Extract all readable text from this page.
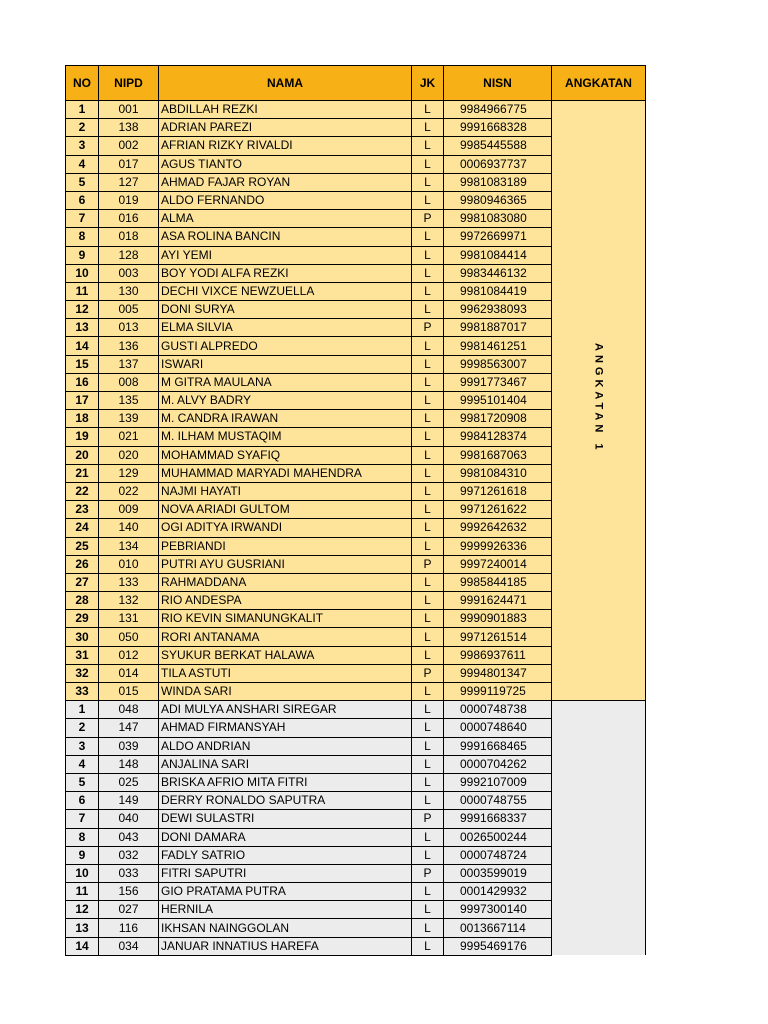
NO	NIPD	NAMA	JK	NISN	ANGKATAN
1	001	ABDILLAH REZKI	L	9984966775	ANGKATAN 1
2	138	ADRIAN PAREZI	L	9991668328	
3	002	AFRIAN RIZKY RIVALDI	L	9985445588	
4	017	AGUS TIANTO	L	0006937737	
5	127	AHMAD FAJAR ROYAN	L	9981083189	
6	019	ALDO FERNANDO	L	9980946365	
7	016	ALMA	P	9981083080	
8	018	ASA ROLINA BANCIN	L	9972669971	
9	128	AYI YEMI	L	9981084414	
10	003	BOY YODI ALFA REZKI	L	9983446132	
11	130	DECHI VIXCE NEWZUELLA	L	9981084419	
12	005	DONI SURYA	L	9962938093	
13	013	ELMA SILVIA	P	9981887017	
14	136	GUSTI ALPREDO	L	9981461251	
15	137	ISWARI	L	9998563007	
16	008	M GITRA MAULANA	L	9991773467	
17	135	M. ALVY BADRY	L	9995101404	
18	139	M. CANDRA IRAWAN	L	9981720908	
19	021	M. ILHAM MUSTAQIM	L	9984128374	
20	020	MOHAMMAD SYAFIQ	L	9981687063	
21	129	MUHAMMAD MARYADI MAHENDRA	L	9981084310	
22	022	NAJMI HAYATI	L	9971261618	
23	009	NOVA ARIADI GULTOM	L	9971261622	
24	140	OGI ADITYA IRWANDI	L	9992642632	
25	134	PEBRIANDI	L	9999926336	
26	010	PUTRI AYU GUSRIANI	P	9997240014	
27	133	RAHMADDANA	L	9985844185	
28	132	RIO ANDESPA	L	9991624471	
29	131	RIO KEVIN SIMANUNGKALIT	L	9990901883	
30	050	RORI ANTANAMA	L	9971261514	
31	012	SYUKUR BERKAT HALAWA	L	9986937611	
32	014	TILA ASTUTI	P	9994801347	
33	015	WINDA SARI	L	9999119725	
1	048	ADI MULYA ANSHARI SIREGAR	L	0000748738	
2	147	AHMAD FIRMANSYAH	L	0000748640	
3	039	ALDO ANDRIAN	L	9991668465	
4	148	ANJALINA SARI	L	0000704262	
5	025	BRISKA AFRIO MITA FITRI	L	9992107009	
6	149	DERRY RONALDO SAPUTRA	L	0000748755	
7	040	DEWI SULASTRI	P	9991668337	
8	043	DONI DAMARA	L	0026500244	
9	032	FADLY SATRIO	L	0000748724	
10	033	FITRI SAPUTRI	P	0003599019	
11	156	GIO PRATAMA PUTRA	L	0001429932	
12	027	HERNILA	L	9997300140	
13	116	IKHSAN NAINGGOLAN	L	0013667114	
14	034	JANUAR INNATIUS HAREFA	L	9995469176	
